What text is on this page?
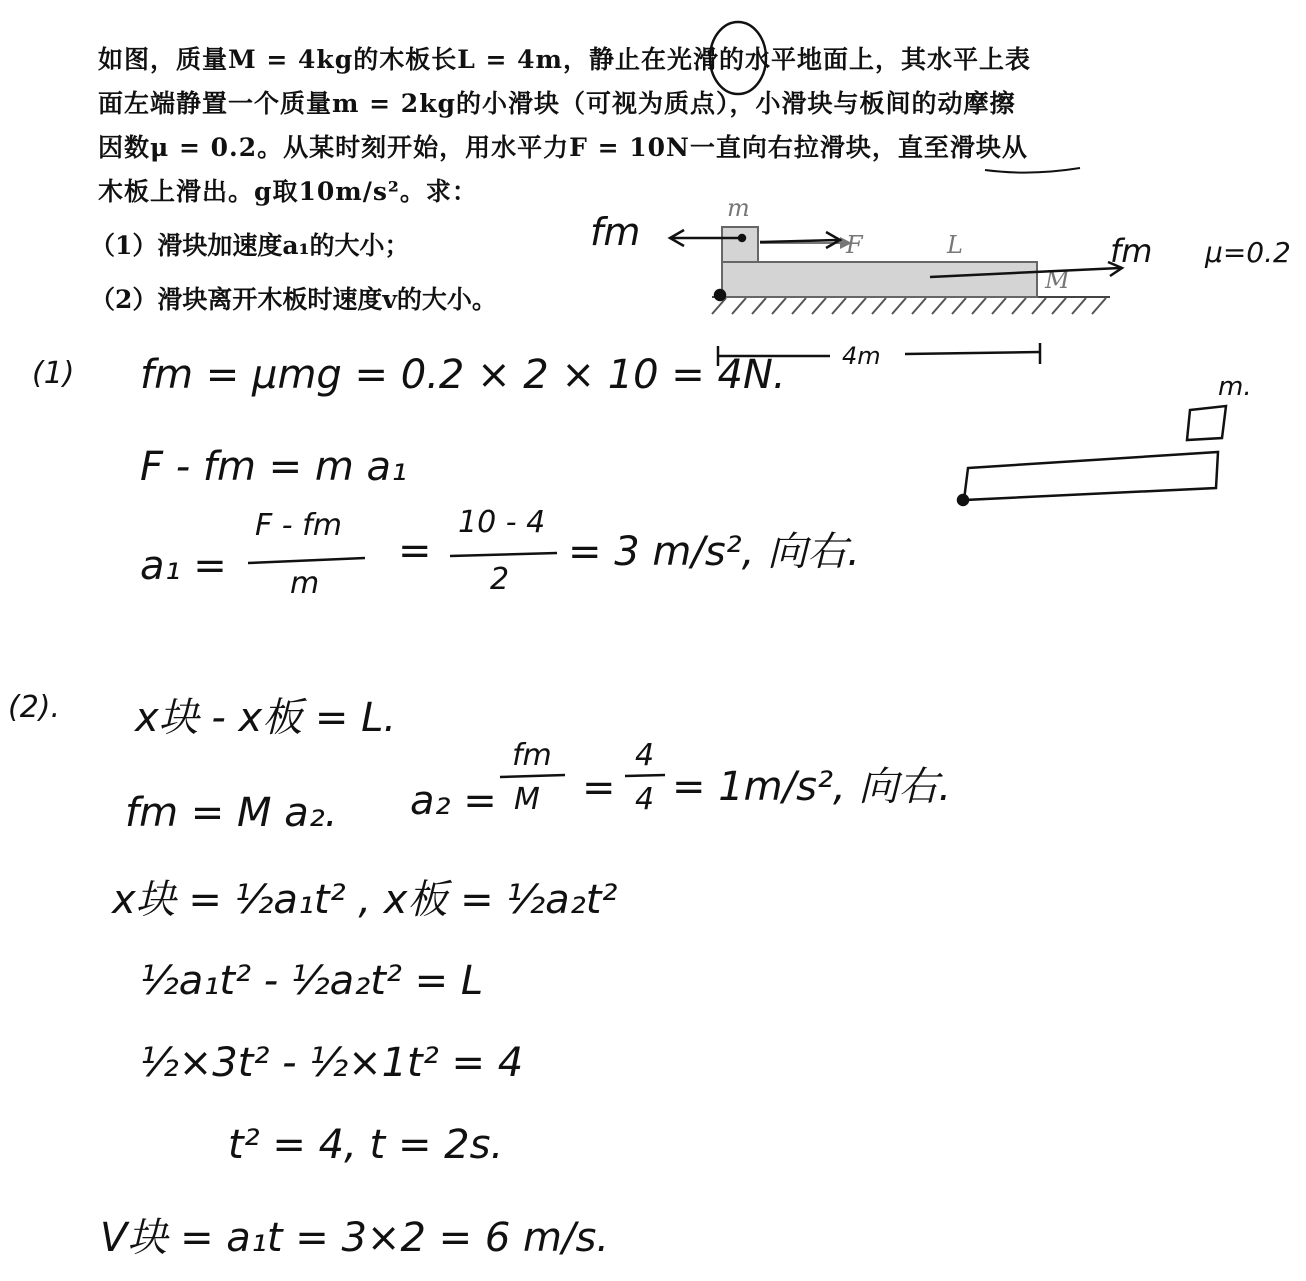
如图，质量M = 4kg的木板长L = 4m，静止在光滑的水平地面上，其水平上表
面左端静置一个质量m = 2kg的小滑块（可视为质点），小滑块与板间的动摩擦
因数μ = 0.2。从某时刻开始，用水平力F = 10N一直向右拉滑块，直至滑块从
木板上滑出。g取10m/s²。求：
（1）滑块加速度a₁的大小；
（2）滑块离开木板时速度v的大小。
F
m
L
M
fm	fm μ=0.2
4m
m.
(1) fm = μmg = 0.2 × 2 × 10 = 4N.
F - fm = m a₁
a₁ =
F - fm
m
=
10 - 4
2
= 3 m/s², 向右.
(2). x块 - x板 = L.
fm = M a₂. a₂ =
fm
M =
4
4 = 1m/s², 向右.
x块 = ½a₁t² , x板 = ½a₂t²
½a₁t² - ½a₂t² = L
½×3t² - ½×1t² = 4
t² = 4, t = 2s.
V块 = a₁t = 3×2 = 6 m/s.
